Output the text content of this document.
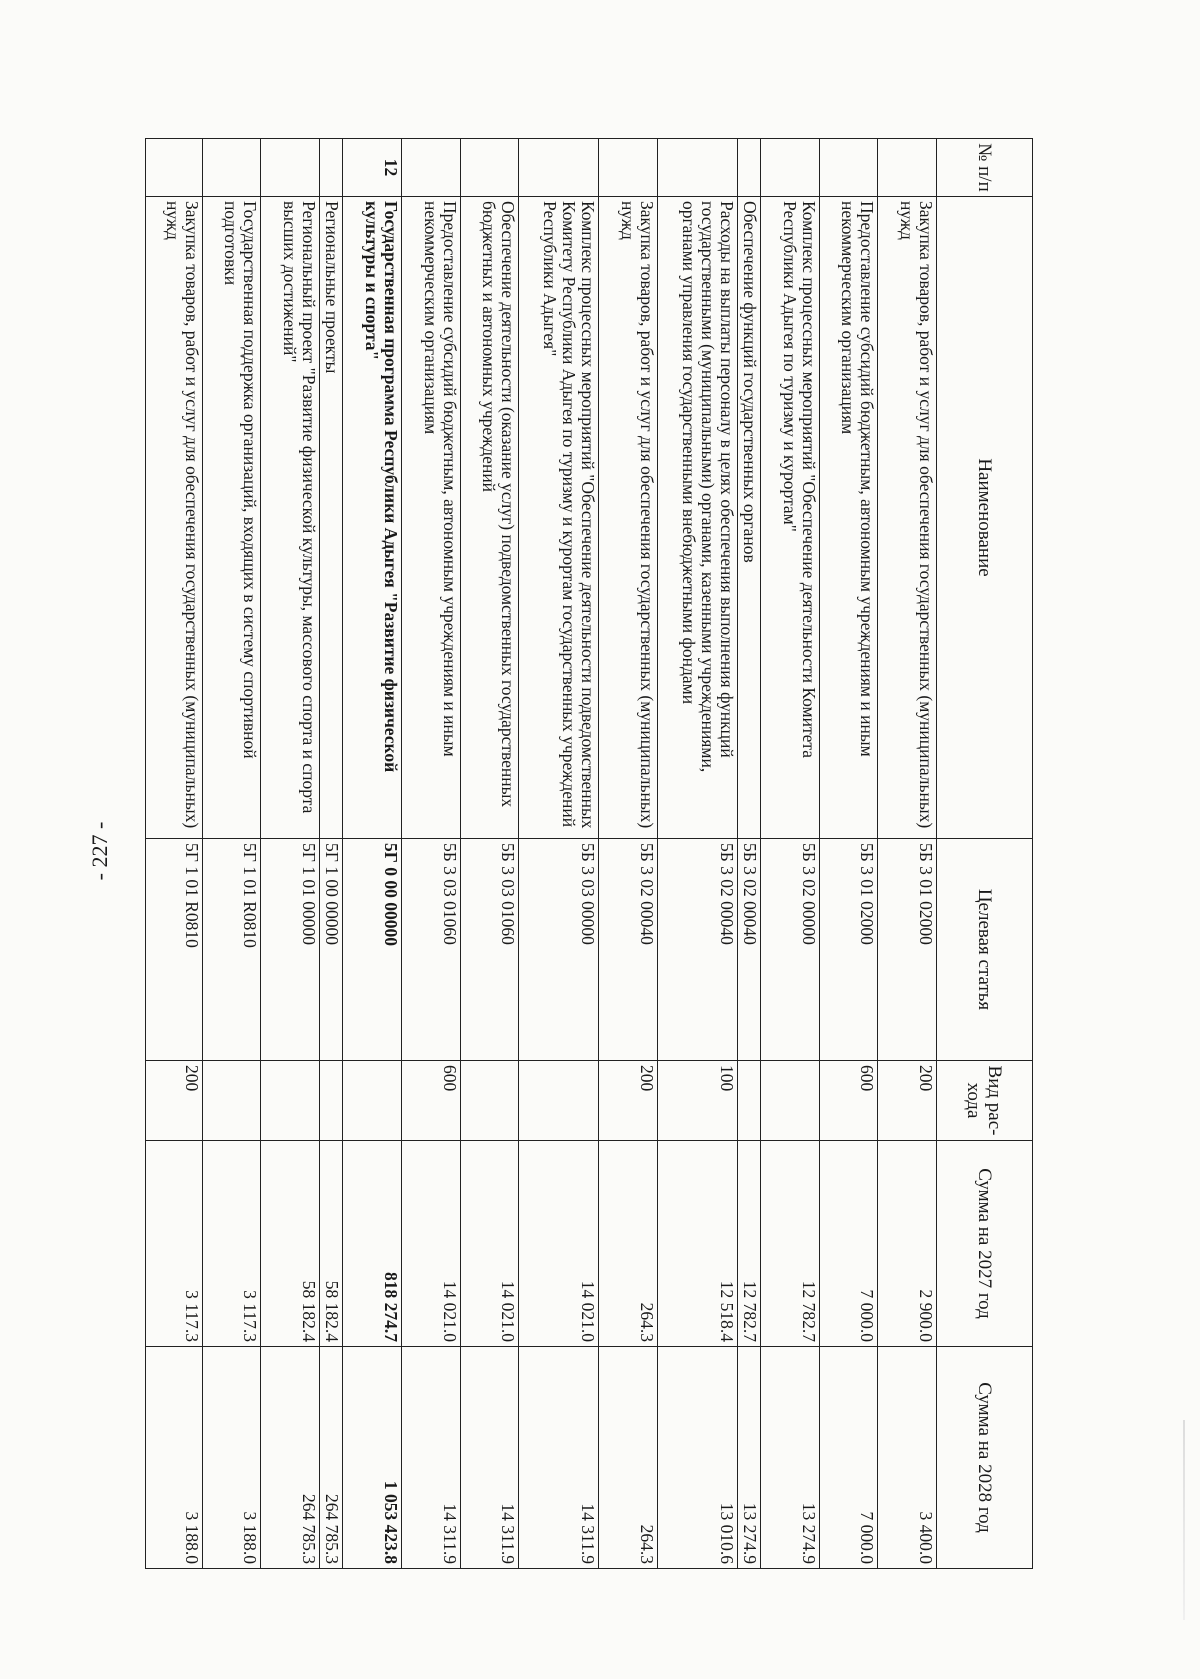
- 227 -
№ п/п	Наименование	Целевая статья	Вид рас-хода	Сумма на 2027 год	Сумма на 2028 год
	Закупка товаров, работ и услуг для обеспечения государственных (муниципальных) нужд	5Б 3 01 02000	200	2 900.0	3 400.0
	Предоставление субсидий бюджетным, автономным учреждениям и иным некоммерческим организациям	5Б 3 01 02000	600	7 000.0	7 000.0
	Комплекс процессных мероприятий "Обеспечение деятельности Комитета Республики Адыгея по туризму и курортам"	5Б 3 02 00000		12 782.7	13 274.9
	Обеспечение функций государственных органов	5Б 3 02 00040		12 782.7	13 274.9
	Расходы на выплаты персоналу в целях обеспечения выполнения функций государственными (муниципальными) органами, казенными учреждениями, органами управления государственными внебюджетными фондами	5Б 3 02 00040	100	12 518.4	13 010.6
	Закупка товаров, работ и услуг для обеспечения государственных (муниципальных) нужд	5Б 3 02 00040	200	264.3	264.3
	Комплекс процессных мероприятий "Обеспечение деятельности подведомственных Комитету Республики Адыгея по туризму и курортам государственных учреждений Республики Адыгея"	5Б 3 03 00000		14 021.0	14 311.9
	Обеспечение деятельности (оказание услуг) подведомственных государственных бюджетных и автономных учреждений	5Б 3 03 01060		14 021.0	14 311.9
	Предоставление субсидий бюджетным, автономным учреждениям и иным некоммерческим организациям	5Б 3 03 01060	600	14 021.0	14 311.9
12	Государственная программа Республики Адыгея "Развитие физической культуры и спорта"	5Г 0 00 00000		818 274.7	1 053 423.8
	Региональные проекты	5Г 1 00 00000		58 182.4	264 785.3
	Региональный проект "Развитие физической культуры, массового спорта и спорта высших достижений"	5Г 1 01 00000		58 182.4	264 785.3
	Государственная поддержка организаций, входящих в систему спортивной подготовки	5Г 1 01 R0810		3 117.3	3 188.0
	Закупка товаров, работ и услуг для обеспечения государственных (муниципальных) нужд	5Г 1 01 R0810	200	3 117.3	3 188.0
